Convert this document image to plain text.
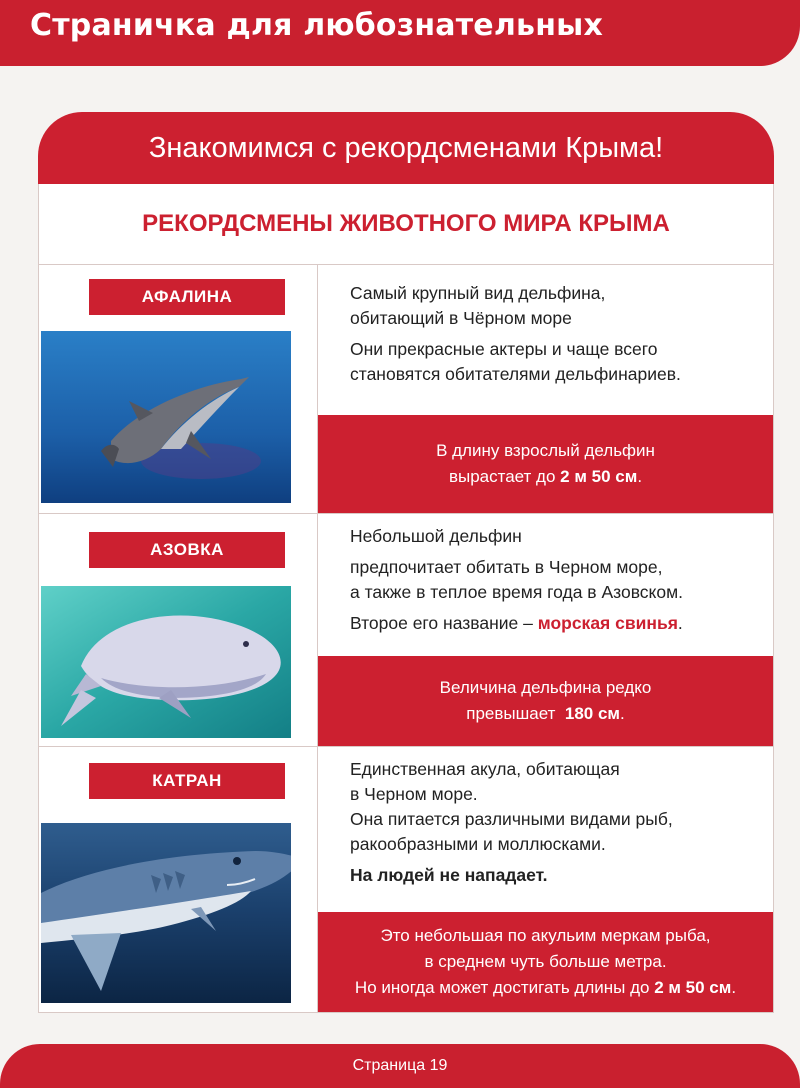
Страничка для любознательных
Знакомимся с рекордсменами Крыма!
РЕКОРДСМЕНЫ ЖИВОТНОГО МИРА КРЫМА
АФАЛИНА	Самый крупный вид дельфина,

обитающий в Чёрном море

Они прекрасные актеры и чаще всего

становятся обитателями дельфинариев.

В длину взрослый дельфин
вырастает до 2 м 50 см.
АЗОВКА

Небольшой дельфин

предпочитает обитать в Черном море,

а также в теплое время года в Азовском.

Второе его название – морская свинья.

Величина дельфина редко
превышает 180 см.
КАТРАН

Единственная акула, обитающая

в Черном море.

Она питается различными видами рыб,

ракообразными и моллюсками.

На людей не нападает.

Это небольшая по акульим меркам рыба,
в среднем чуть больше метра.
Но иногда может достигать длины до 2 м 50 см.
Страница 19
